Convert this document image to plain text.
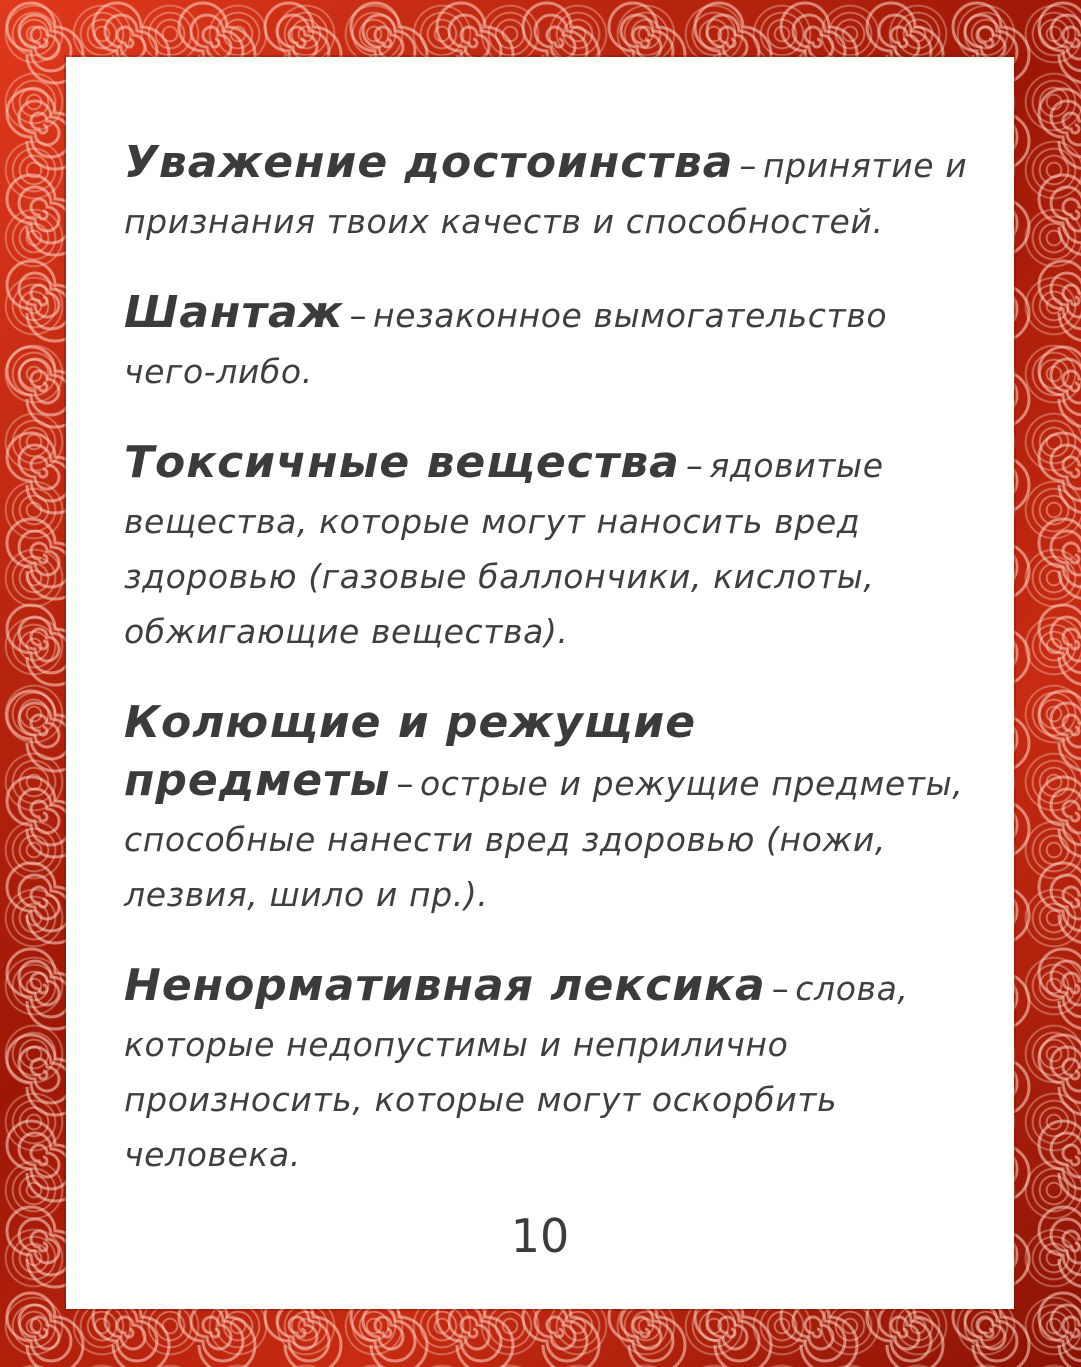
Уважение достоинства – принятие и признания твоих качеств и способностей.
Шантаж – незаконное вымогательство чего-либо.
Токсичные вещества – ядовитые вещества, которые могут наносить вред здоровью (газовые баллончики, кислоты, обжигающие вещества).
Колющие и режущие предметы – острые и режущие предметы, способные нанести вред здоровью (ножи, лезвия, шило и пр.).
Ненормативная лексика – слова, которые недопустимы и неприлично произносить, которые могут оскорбить человека.
10
